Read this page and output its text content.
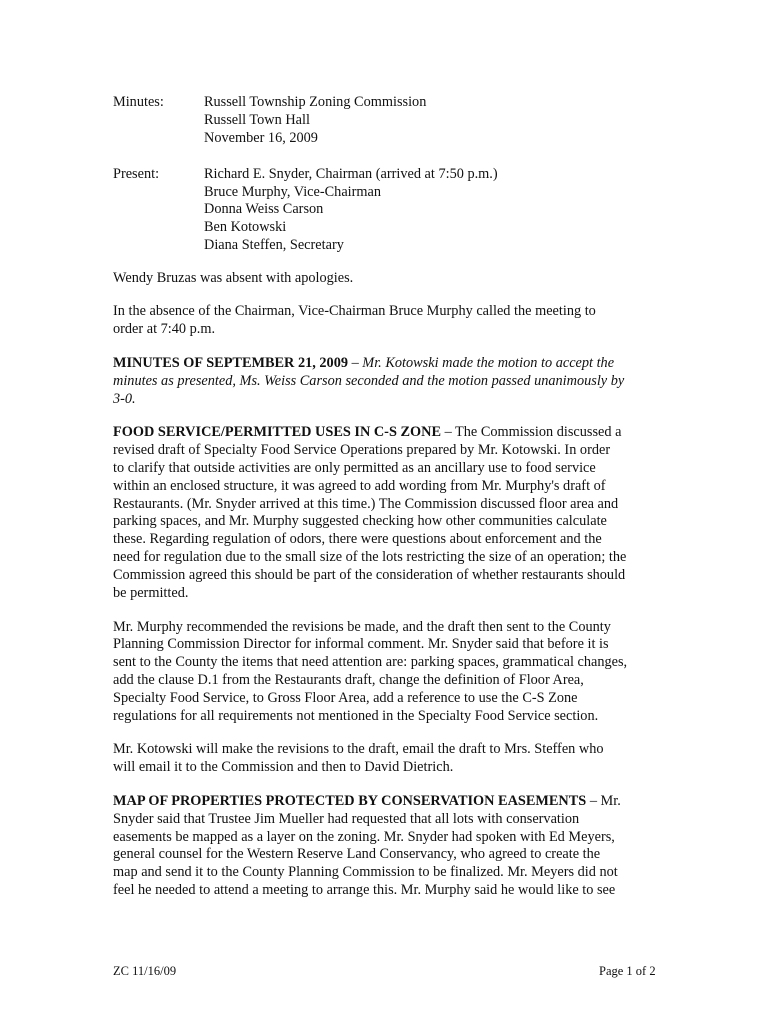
Minutes:	Russell Township Zoning Commission
Russell Town Hall
November 16, 2009
Present:	Richard E. Snyder, Chairman (arrived at 7:50 p.m.)
Bruce Murphy, Vice-Chairman
Donna Weiss Carson
Ben Kotowski
Diana Steffen, Secretary

Wendy Bruzas was absent with apologies.

In the absence of the Chairman, Vice-Chairman Bruce Murphy called the meeting to
order at 7:40 p.m.

MINUTES OF SEPTEMBER 21, 2009 – Mr. Kotowski made the motion to accept the
minutes as presented, Ms. Weiss Carson seconded and the motion passed unanimously by
3-0.

FOOD SERVICE/PERMITTED USES IN C-S ZONE – The Commission discussed a
revised draft of Specialty Food Service Operations prepared by Mr. Kotowski. In order
to clarify that outside activities are only permitted as an ancillary use to food service
within an enclosed structure, it was agreed to add wording from Mr. Murphy's draft of
Restaurants. (Mr. Snyder arrived at this time.) The Commission discussed floor area and
parking spaces, and Mr. Murphy suggested checking how other communities calculate
these. Regarding regulation of odors, there were questions about enforcement and the
need for regulation due to the small size of the lots restricting the size of an operation; the
Commission agreed this should be part of the consideration of whether restaurants should
be permitted.

Mr. Murphy recommended the revisions be made, and the draft then sent to the County
Planning Commission Director for informal comment. Mr. Snyder said that before it is
sent to the County the items that need attention are: parking spaces, grammatical changes,
add the clause D.1 from the Restaurants draft, change the definition of Floor Area,
Specialty Food Service, to Gross Floor Area, add a reference to use the C-S Zone
regulations for all requirements not mentioned in the Specialty Food Service section.

Mr. Kotowski will make the revisions to the draft, email the draft to Mrs. Steffen who
will email it to the Commission and then to David Dietrich.

MAP OF PROPERTIES PROTECTED BY CONSERVATION EASEMENTS – Mr.
Snyder said that Trustee Jim Mueller had requested that all lots with conservation
easements be mapped as a layer on the zoning. Mr. Snyder had spoken with Ed Meyers,
general counsel for the Western Reserve Land Conservancy, who agreed to create the
map and send it to the County Planning Commission to be finalized. Mr. Meyers did not
feel he needed to attend a meeting to arrange this. Mr. Murphy said he would like to see

ZC 11/16/09	Page 1 of 2
